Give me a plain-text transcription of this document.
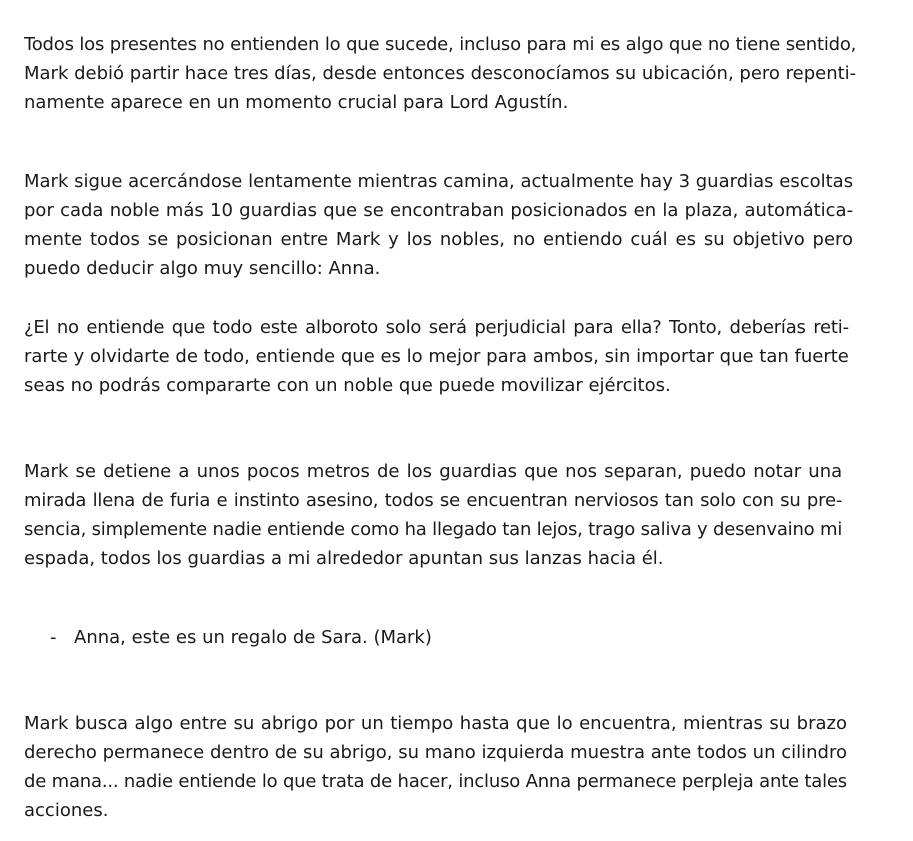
Todos los presentes no entienden lo que sucede, incluso para mi es algo que no tiene sentido,
Mark debió partir hace tres días, desde entonces desconocíamos su ubicación, pero repenti-
namente aparece en un momento crucial para Lord Agustín.

Mark sigue acercándose lentamente mientras camina, actualmente hay 3 guardias escoltas
por cada noble más 10 guardias que se encontraban posicionados en la plaza, automática-
mente todos se posicionan entre Mark y los nobles, no entiendo cuál es su objetivo pero
puedo deducir algo muy sencillo: Anna.

¿El no entiende que todo este alboroto solo será perjudicial para ella? Tonto, deberías reti-
rarte y olvidarte de todo, entiende que es lo mejor para ambos, sin importar que tan fuerte
seas no podrás compararte con un noble que puede movilizar ejércitos.

Mark se detiene a unos pocos metros de los guardias que nos separan, puedo notar una
mirada llena de furia e instinto asesino, todos se encuentran nerviosos tan solo con su pre-
sencia, simplemente nadie entiende como ha llegado tan lejos, trago saliva y desenvaino mi
espada, todos los guardias a mi alrededor apuntan sus lanzas hacia él.

- Anna, este es un regalo de Sara. (Mark)

Mark busca algo entre su abrigo por un tiempo hasta que lo encuentra, mientras su brazo
derecho permanece dentro de su abrigo, su mano izquierda muestra ante todos un cilindro
de mana... nadie entiende lo que trata de hacer, incluso Anna permanece perpleja ante tales
acciones.
